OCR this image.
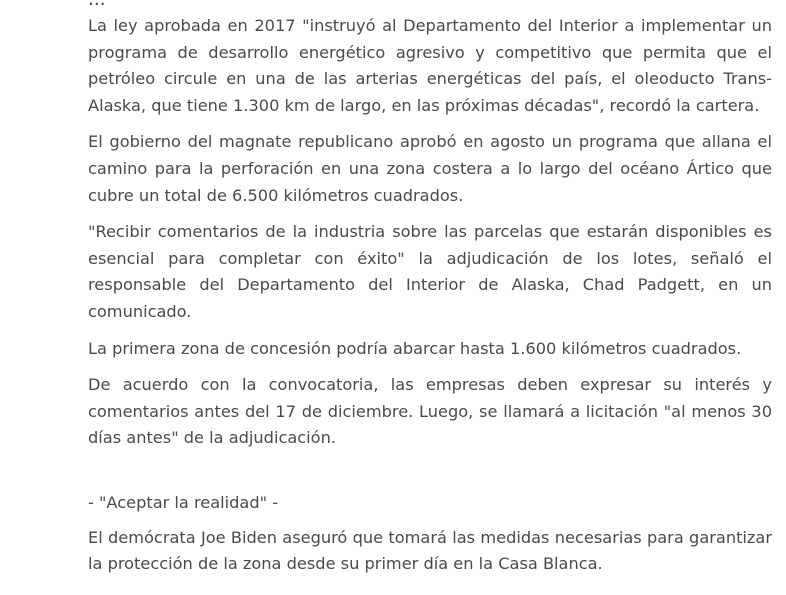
La ley aprobada en 2017 "instruyó al Departamento del Interior a implementar un programa de desarrollo energético agresivo y competitivo que permita que el petróleo circule en una de las arterias energéticas del país, el oleoducto Trans-Alaska, que tiene 1.300 km de largo, en las próximas décadas", recordó la cartera.

El gobierno del magnate republicano aprobó en agosto un programa que allana el camino para la perforación en una zona costera a lo largo del océano Ártico que cubre un total de 6.500 kilómetros cuadrados.

"Recibir comentarios de la industria sobre las parcelas que estarán disponibles es esencial para completar con éxito" la adjudicación de los lotes, señaló el responsable del Departamento del Interior de Alaska, Chad Padgett, en un comunicado.

La primera zona de concesión podría abarcar hasta 1.600 kilómetros cuadrados.

De acuerdo con la convocatoria, las empresas deben expresar su interés y comentarios antes del 17 de diciembre. Luego, se llamará a licitación "al menos 30 días antes" de la adjudicación.

- "Aceptar la realidad" -

El demócrata Joe Biden aseguró que tomará las medidas necesarias para garantizar la protección de la zona desde su primer día en la Casa Blanca.
